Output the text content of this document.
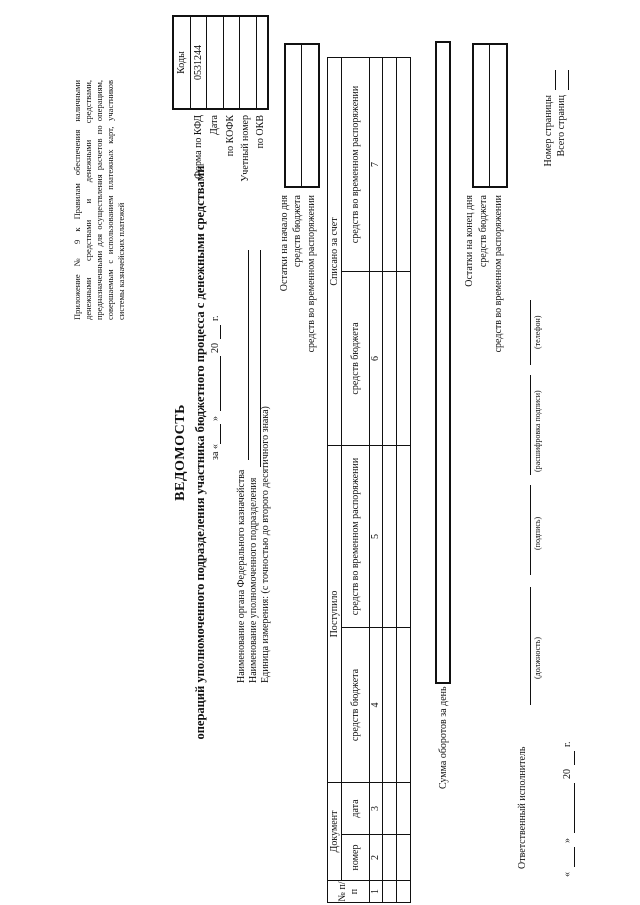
Приложение № 9 к Правилам обеспечения наличными денежными средствами и денежными средствами, предназначенными для осуществления расчетов по операциям, совершаемым с использованием платежных карт, участников системы казначейских платежей
ВЕДОМОСТЬ операций уполномоченного подразделения участника бюджетного процесса с денежными средствами за «
»
20
г.
Форма по КФД Дата по КОФК Учетный номер по ОКВ
Коды 0531244
Наименование органа Федерального казначейства Наименование уполномоченного подразделения Единица измерения: (с точностью до второго десятичного знака)
Остатки на начало дня средств бюджета средств во временном распоряжении
№ п/п	Документ		Поступило		Списано за счет	
	номер	дата	средств бюджета	средств во временном распоряжении	средств бюджета	средств во временном распоряжении

1	2	3	4	5	6	7

Сумма оборотов за день
Остатки на конец дня средств бюджета средств во временном распоряжении
Ответственный исполнитель
(должность)
(подпись)
(расшифровка подписи)
(телефон)
«
»
20
г.
Номер страницы Всего страниц
